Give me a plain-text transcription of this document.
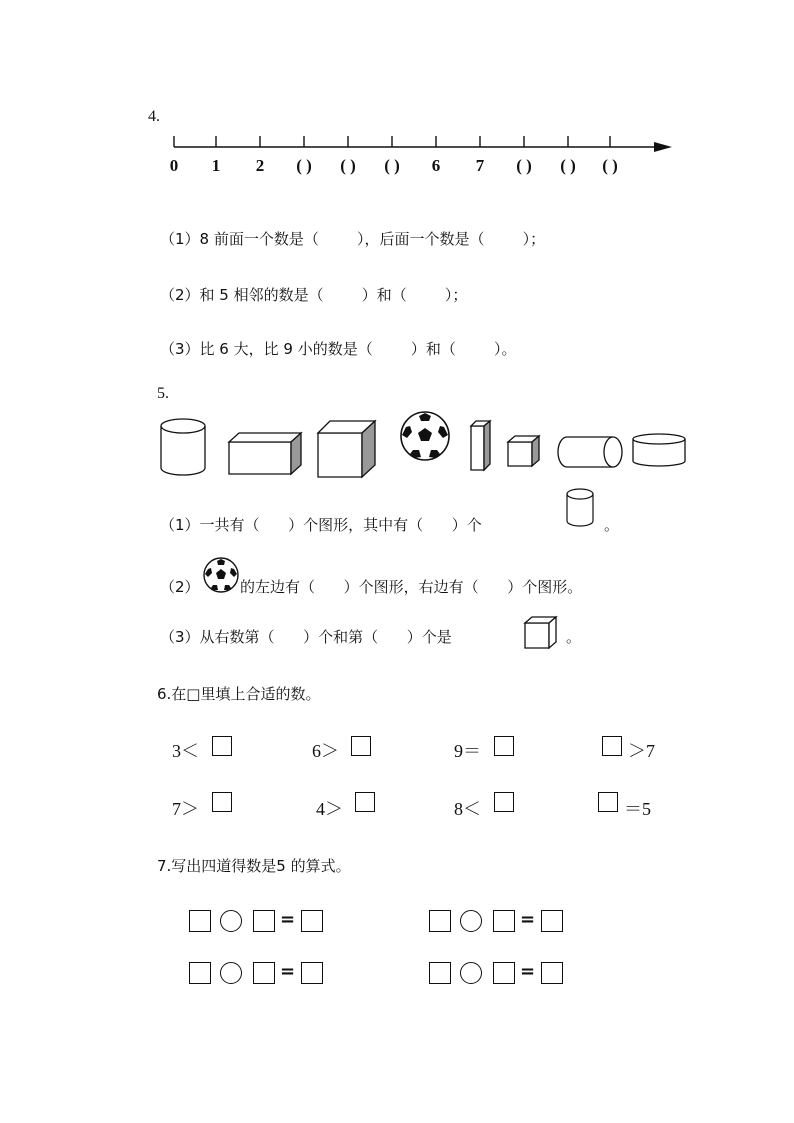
4.
0 1 2 ( ) ( ) ( ) 6 7 ( ) ( ) ( )
（1）8 前面一个数是（        ），后面一个数是（        ）；
（2）和 5 相邻的数是（        ）和（        ）；
（3）比 6 大，比 9 小的数是（        ）和（        ）。
5.
（1）一共有（      ）个图形，其中有（      ）个	。
（2）	的左边有（      ）个图形，右边有（      ）个图形。
（3）从右数第（      ）个和第（      ）个是	。
6.在□里填上合适的数。
3＜	6＞	9＝	＞7
7＞	4＞	8＜	＝5
7.写出四道得数是5 的算式。
=	=
=	=
